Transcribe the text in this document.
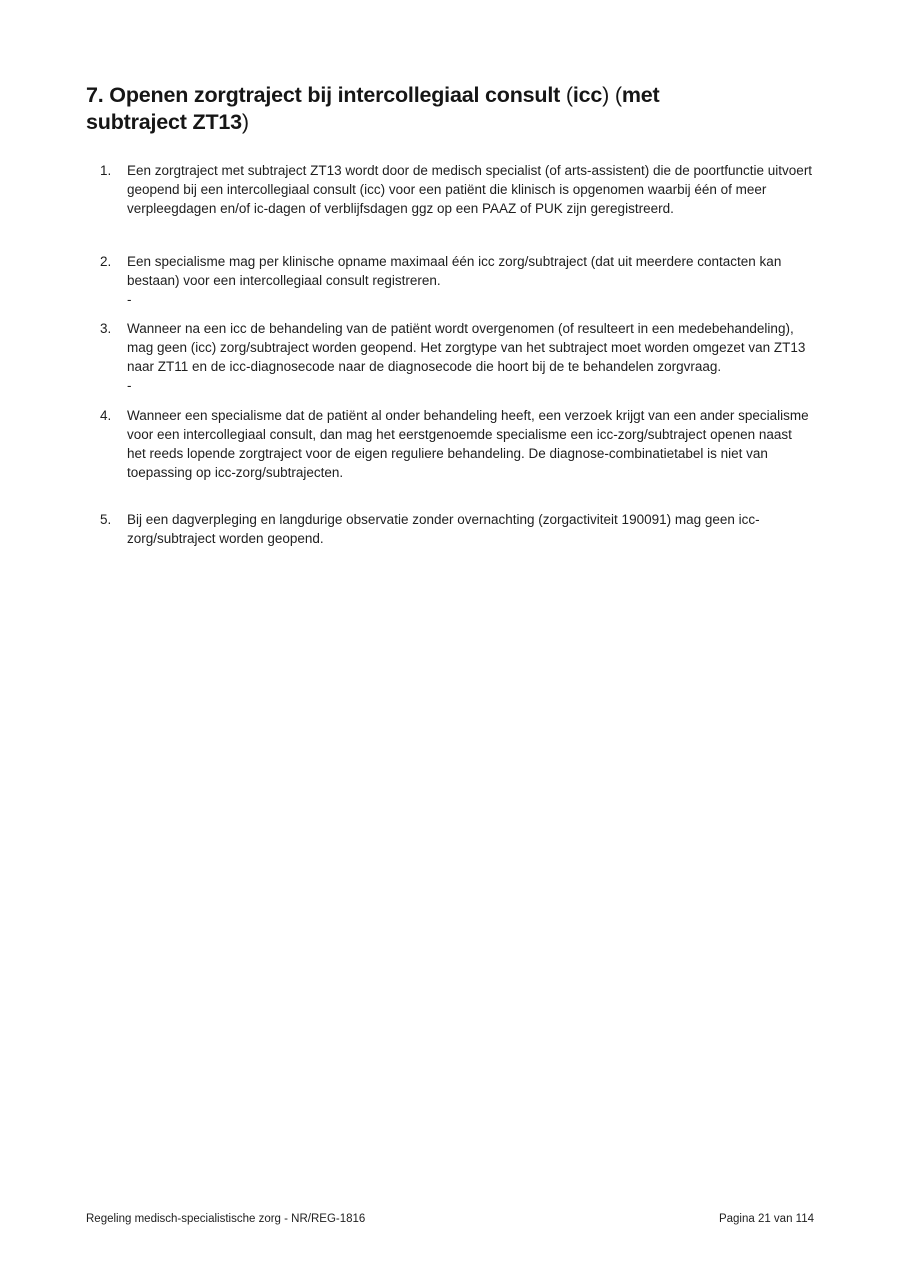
7. Openen zorgtraject bij intercollegiaal consult (icc) (met
subtraject ZT13)
1.	Een zorgtraject met subtraject ZT13 wordt door de medisch specialist (of arts-assistent) die de poortfunctie uitvoert geopend bij een intercollegiaal consult (icc) voor een patiënt die klinisch is opgenomen waarbij één of meer verpleegdagen en/of ic-dagen of verblijfsdagen ggz op een PAAZ of PUK zijn geregistreerd.
2.	Een specialisme mag per klinische opname maximaal één icc zorg/subtraject (dat uit meerdere contacten kan bestaan) voor een intercollegiaal consult registreren.
-
3.	Wanneer na een icc de behandeling van de patiënt wordt overgenomen (of resulteert in een medebehandeling), mag geen (icc) zorg/subtraject worden geopend. Het zorgtype van het subtraject moet worden omgezet van ZT13 naar ZT11 en de icc-diagnosecode naar de diagnosecode die hoort bij de te behandelen zorgvraag.
-
4.	Wanneer een specialisme dat de patiënt al onder behandeling heeft, een verzoek krijgt van een ander specialisme voor een intercollegiaal consult, dan mag het eerstgenoemde specialisme een icc-zorg/subtraject openen naast het reeds lopende zorgtraject voor de eigen reguliere behandeling. De diagnose-combinatietabel is niet van toepassing op icc-zorg/subtrajecten.
5.	Bij een dagverpleging en langdurige observatie zonder overnachting (zorgactiviteit 190091) mag geen icc-zorg/subtraject worden geopend.
Regeling medisch-specialistische zorg - NR/REG-1816	Pagina 21 van 114
